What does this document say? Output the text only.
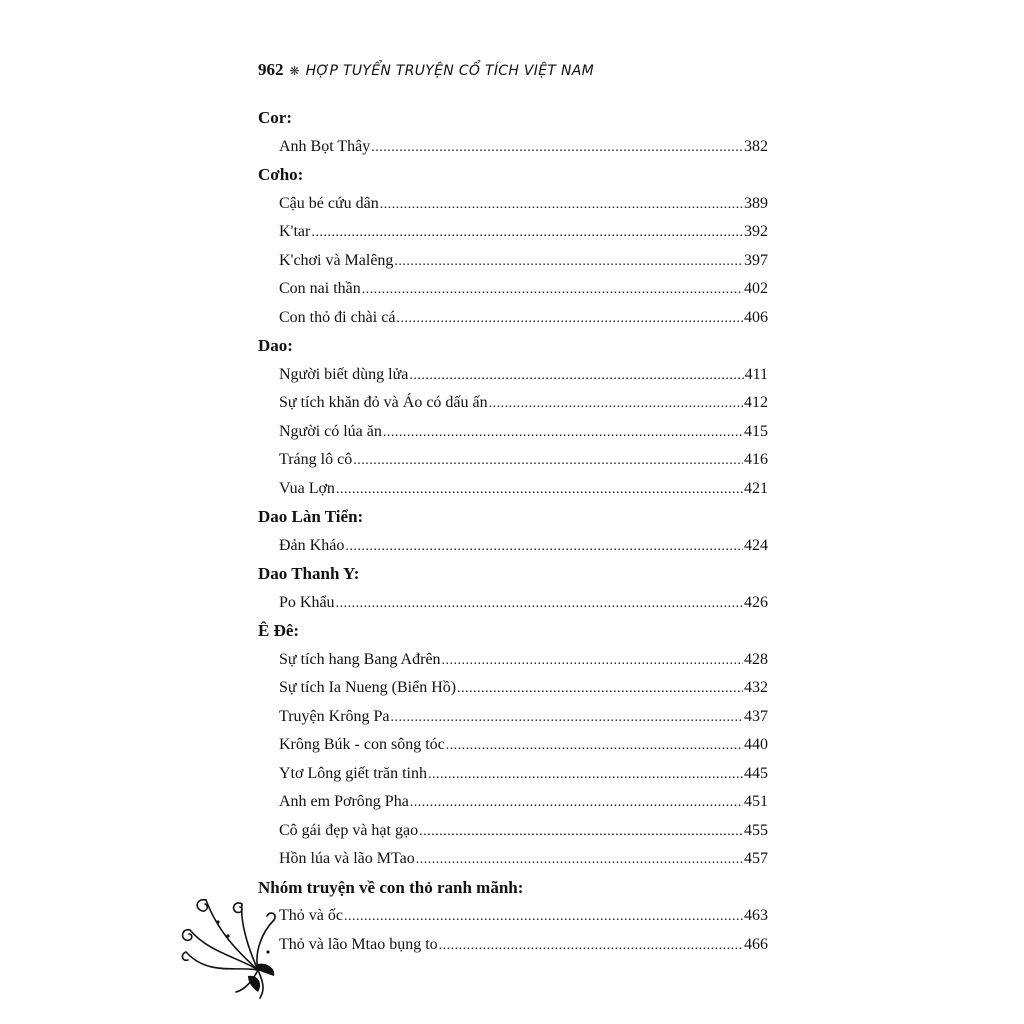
962 ❋ HỢP TUYỂN TRUYỆN CỔ TÍCH VIỆT NAM
Cor:
Anh Bọt Thây .....	382
Cơho:
Cậu bé cứu dân .....	389
K'tar .....	392
K'chơi và Malêng .....	397
Con nai thần .....	402
Con thỏ đi chài cá .....	406
Dao:
Người biết dùng lửa .....	411
Sự tích khăn đỏ và Áo có dấu ấn .....	412
Người có lúa ăn .....	415
Tráng lô cô .....	416
Vua Lợn .....	421
Dao Làn Tiển:
Đản Kháo .....	424
Dao Thanh Y:
Po Khẩu .....	426
Ê Đê:
Sự tích hang Bang Ađrên .....	428
Sự tích Ia Nueng (Biển Hồ) .....	432
Truyện Krông Pa .....	437
Krông Búk - con sông tóc .....	440
Ytơ Lông giết trăn tinh .....	445
Anh em Pơrông Pha .....	451
Cô gái đẹp và hạt gạo .....	455
Hồn lúa và lão MTao .....	457
Nhóm truyện về con thỏ ranh mãnh:
Thỏ và ốc .....	463
Thỏ và lão Mtao bụng to .....	466
